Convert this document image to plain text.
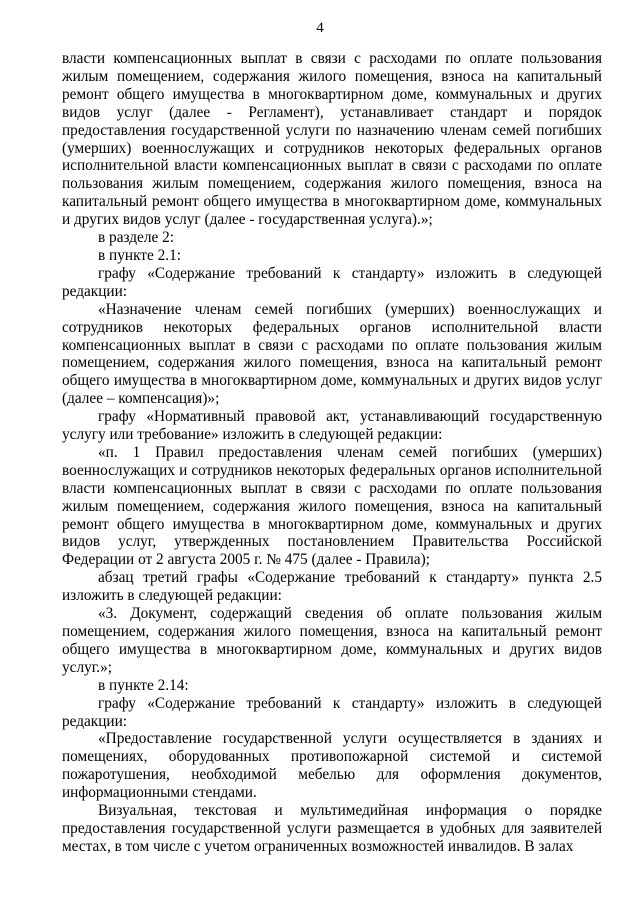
4

власти компенсационных выплат в связи с расходами по оплате пользования жилым помещением, содержания жилого помещения, взноса на капитальный ремонт общего имущества в многоквартирном доме, коммунальных и других видов услуг (далее - Регламент), устанавливает стандарт и порядок предоставления государственной услуги по назначению членам семей погибших (умерших) военнослужащих и сотрудников некоторых федеральных органов исполнительной власти компенсационных выплат в связи с расходами по оплате пользования жилым помещением, содержания жилого помещения, взноса на капитальный ремонт общего имущества в многоквартирном доме, коммунальных и других видов услуг (далее - государственная услуга).»;

в разделе 2:

в пункте 2.1:

графу «Содержание требований к стандарту» изложить в следующей редакции:

«Назначение членам семей погибших (умерших) военнослужащих и сотрудников некоторых федеральных органов исполнительной власти компенсационных выплат в связи с расходами по оплате пользования жилым помещением, содержания жилого помещения, взноса на капитальный ремонт общего имущества в многоквартирном доме, коммунальных и других видов услуг (далее – компенсация)»;

графу «Нормативный правовой акт, устанавливающий государственную услугу или требование» изложить в следующей редакции:

«п. 1 Правил предоставления членам семей погибших (умерших) военнослужащих и сотрудников некоторых федеральных органов исполнительной власти компенсационных выплат в связи с расходами по оплате пользования жилым помещением, содержания жилого помещения, взноса на капитальный ремонт общего имущества в многоквартирном доме, коммунальных и других видов услуг, утвержденных постановлением Правительства Российской Федерации от 2 августа 2005 г. № 475 (далее - Правила);

абзац третий графы «Содержание требований к стандарту» пункта 2.5 изложить в следующей редакции:

«3. Документ, содержащий сведения об оплате пользования жилым помещением, содержания жилого помещения, взноса на капитальный ремонт общего имущества в многоквартирном доме, коммунальных и других видов услуг.»;

в пункте 2.14:

графу «Содержание требований к стандарту» изложить в следующей редакции:

«Предоставление государственной услуги осуществляется в зданиях и помещениях, оборудованных противопожарной системой и системой пожаротушения, необходимой мебелью для оформления документов, информационными стендами.

Визуальная, текстовая и мультимедийная информация о порядке предоставления государственной услуги размещается в удобных для заявителей местах, в том числе с учетом ограниченных возможностей инвалидов. В залах
